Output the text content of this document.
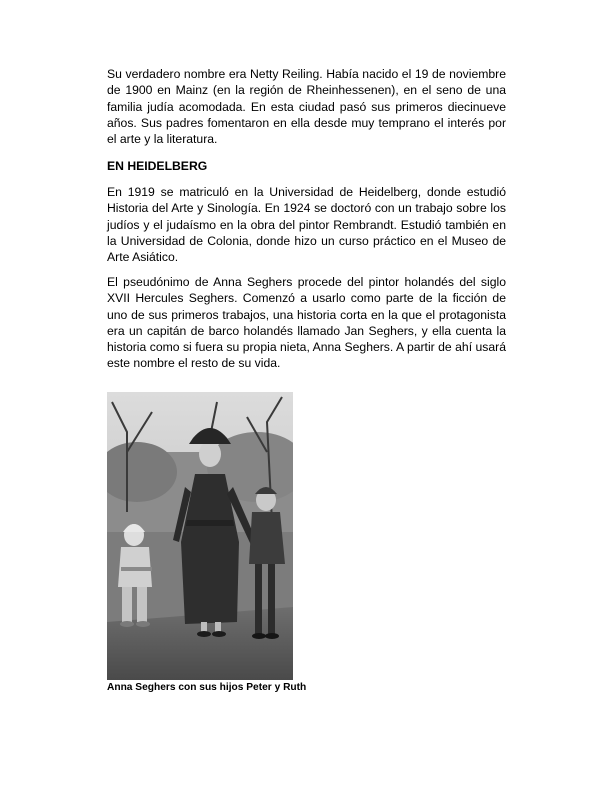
Su verdadero nombre era Netty Reiling. Había nacido el 19 de noviembre de 1900 en Mainz (en la región de Rheinhessenen), en el seno de una familia judía acomodada. En esta ciudad pasó sus primeros diecinueve años. Sus padres fomentaron en ella desde muy temprano el interés por el arte y la literatura.

EN HEIDELBERG

En 1919 se matriculó en la Universidad de Heidelberg, donde estudió Historia del Arte y Sinología. En 1924 se doctoró con un trabajo sobre los judíos y el judaísmo en la obra del pintor Rembrandt. Estudió también en la Universidad de Colonia, donde hizo un curso práctico en el Museo de Arte Asiático.

El pseudónimo de Anna Seghers procede del pintor holandés del siglo XVII Hercules Seghers. Comenzó a usarlo como parte de la ficción de uno de sus primeros trabajos, una historia corta en la que el protagonista era un capitán de barco holandés llamado Jan Seghers, y ella cuenta la historia como si fuera su propia nieta, Anna Seghers. A partir de ahí usará este nombre el resto de su vida.

Anna Seghers con sus hijos Peter y Ruth
